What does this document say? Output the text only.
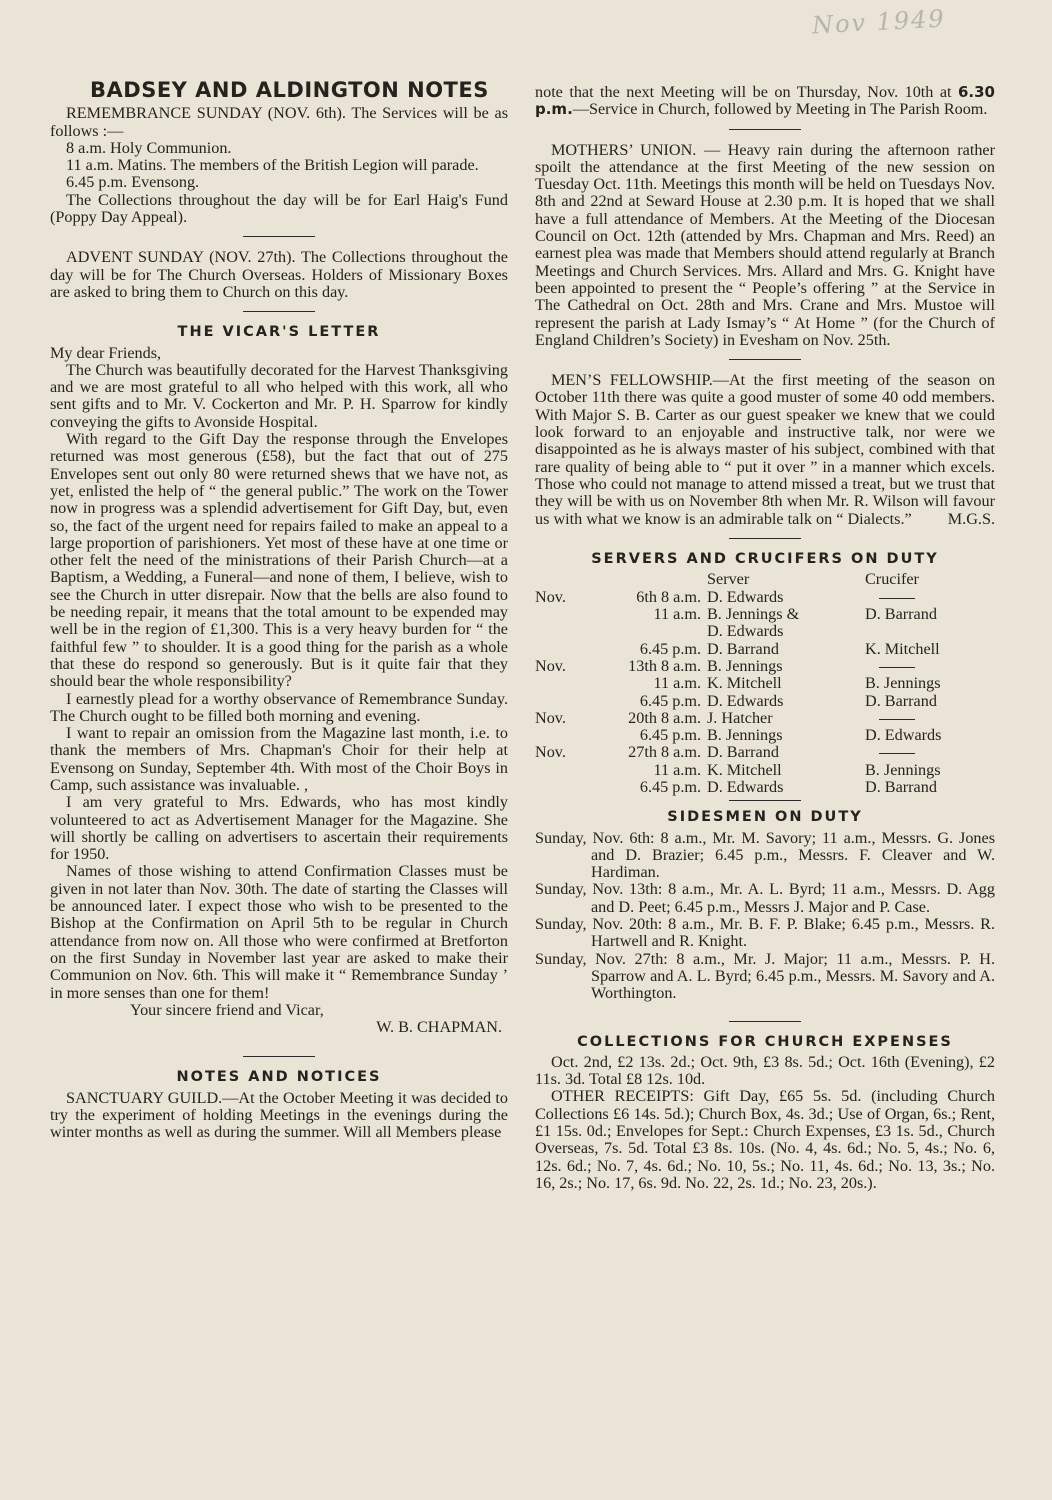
Nov 1949
BADSEY AND ALDINGTON NOTES

REMEMBRANCE SUNDAY (NOV. 6th). The Services will be as follows :—

8 a.m. Holy Communion.

11 a.m. Matins. The members of the British Legion will parade.

6.45 p.m. Evensong.

The Collections throughout the day will be for Earl Haig's Fund (Poppy Day Appeal).

ADVENT SUNDAY (NOV. 27th). The Collections throughout the day will be for The Church Overseas. Holders of Missionary Boxes are asked to bring them to Church on this day.

THE VICAR'S LETTER

My dear Friends,

The Church was beautifully decorated for the Harvest Thanksgiving and we are most grateful to all who helped with this work, all who sent gifts and to Mr. V. Cockerton and Mr. P. H. Sparrow for kindly conveying the gifts to Avonside Hospital.

With regard to the Gift Day the response through the Envelopes returned was most generous (£58), but the fact that out of 275 Envelopes sent out only 80 were returned shews that we have not, as yet, enlisted the help of “ the general public.” The work on the Tower now in progress was a splendid advertisement for Gift Day, but, even so, the fact of the urgent need for repairs failed to make an appeal to a large proportion of parishioners. Yet most of these have at one time or other felt the need of the ministrations of their Parish Church—at a Baptism, a Wedding, a Funeral—and none of them, I believe, wish to see the Church in utter disrepair. Now that the bells are also found to be needing repair, it means that the total amount to be expended may well be in the region of £1,300. This is a very heavy burden for “ the faithful few ” to shoulder. It is a good thing for the parish as a whole that these do respond so generously. But is it quite fair that they should bear the whole responsibility?

I earnestly plead for a worthy observance of Remembrance Sunday. The Church ought to be filled both morning and evening.

I want to repair an omission from the Magazine last month, i.e. to thank the members of Mrs. Chapman's Choir for their help at Evensong on Sunday, September 4th. With most of the Choir Boys in Camp, such assistance was invaluable. ,

I am very grateful to Mrs. Edwards, who has most kindly volunteered to act as Advertisement Manager for the Magazine. She will shortly be calling on advertisers to ascertain their requirements for 1950.

Names of those wishing to attend Confirmation Classes must be given in not later than Nov. 30th. The date of starting the Classes will be announced later. I expect those who wish to be presented to the Bishop at the Confirmation on April 5th to be regular in Church attendance from now on. All those who were confirmed at Bretforton on the first Sunday in November last year are asked to make their Communion on Nov. 6th. This will make it “ Remembrance Sunday ’ in more senses than one for them!

Your sincere friend and Vicar,

W. B. CHAPMAN.

NOTES AND NOTICES

SANCTUARY GUILD.—At the October Meeting it was decided to try the experiment of holding Meetings in the evenings during the winter months as well as during the summer. Will all Members please

note that the next Meeting will be on Thursday, Nov. 10th at 6.30 p.m.—Service in Church, followed by Meeting in The Parish Room.

MOTHERS’ UNION. — Heavy rain during the afternoon rather spoilt the attendance at the first Meeting of the new session on Tuesday Oct. 11th. Meetings this month will be held on Tuesdays Nov. 8th and 22nd at Seward House at 2.30 p.m. It is hoped that we shall have a full attendance of Members. At the Meeting of the Diocesan Council on Oct. 12th (attended by Mrs. Chapman and Mrs. Reed) an earnest plea was made that Members should attend regularly at Branch Meetings and Church Services. Mrs. Allard and Mrs. G. Knight have been appointed to present the “ People’s offering ” at the Service in The Cathedral on Oct. 28th and Mrs. Crane and Mrs. Mustoe will represent the parish at Lady Ismay’s “ At Home ” (for the Church of England Children’s Society) in Evesham on Nov. 25th.

MEN’S FELLOWSHIP.—At the first meeting of the season on October 11th there was quite a good muster of some 40 odd members. With Major S. B. Carter as our guest speaker we knew that we could look forward to an enjoyable and instructive talk, nor were we disappointed as he is always master of his subject, combined with that rare quality of being able to “ put it over ” in a manner which excels. Those who could not manage to attend missed a treat, but we trust that they will be with us on November 8th when Mr. R. Wilson will favour us with what we know is an admirable talk on “ Dialects.”	M.G.S.

SERVERS AND CRUCIFERS ON DUTY
		Server	Crucifer
Nov.	6th 8 a.m.	D. Edwards	
	11 a.m.	B. Jennings &	D. Barrand
		D. Edwards	
	6.45 p.m.	D. Barrand	K. Mitchell
Nov.	13th 8 a.m.	B. Jennings	
	11 a.m.	K. Mitchell	B. Jennings
	6.45 p.m.	D. Edwards	D. Barrand
Nov.	20th 8 a.m.	J. Hatcher	
	6.45 p.m.	B. Jennings	D. Edwards
Nov.	27th 8 a.m.	D. Barrand	
	11 a.m.	K. Mitchell	B. Jennings
	6.45 p.m.	D. Edwards	D. Barrand
SIDESMEN ON DUTY

Sunday, Nov. 6th: 8 a.m., Mr. M. Savory; 11 a.m., Messrs. G. Jones and D. Brazier; 6.45 p.m., Messrs. F. Cleaver and W. Hardiman.

Sunday, Nov. 13th: 8 a.m., Mr. A. L. Byrd; 11 a.m., Messrs. D. Agg and D. Peet; 6.45 p.m., Messrs J. Major and P. Case.

Sunday, Nov. 20th: 8 a.m., Mr. B. F. P. Blake; 6.45 p.m., Messrs. R. Hartwell and R. Knight.

Sunday, Nov. 27th: 8 a.m., Mr. J. Major; 11 a.m., Messrs. P. H. Sparrow and A. L. Byrd; 6.45 p.m., Messrs. M. Savory and A. Worthington.

COLLECTIONS FOR CHURCH EXPENSES

Oct. 2nd, £2 13s. 2d.; Oct. 9th, £3 8s. 5d.; Oct. 16th (Evening), £2 11s. 3d. Total £8 12s. 10d.

OTHER RECEIPTS: Gift Day, £65 5s. 5d. (including Church Collections £6 14s. 5d.); Church Box, 4s. 3d.; Use of Organ, 6s.; Rent, £1 15s. 0d.; Envelopes for Sept.: Church Expenses, £3 1s. 5d., Church Overseas, 7s. 5d. Total £3 8s. 10s. (No. 4, 4s. 6d.; No. 5, 4s.; No. 6, 12s. 6d.; No. 7, 4s. 6d.; No. 10, 5s.; No. 11, 4s. 6d.; No. 13, 3s.; No. 16, 2s.; No. 17, 6s. 9d. No. 22, 2s. 1d.; No. 23, 20s.).
